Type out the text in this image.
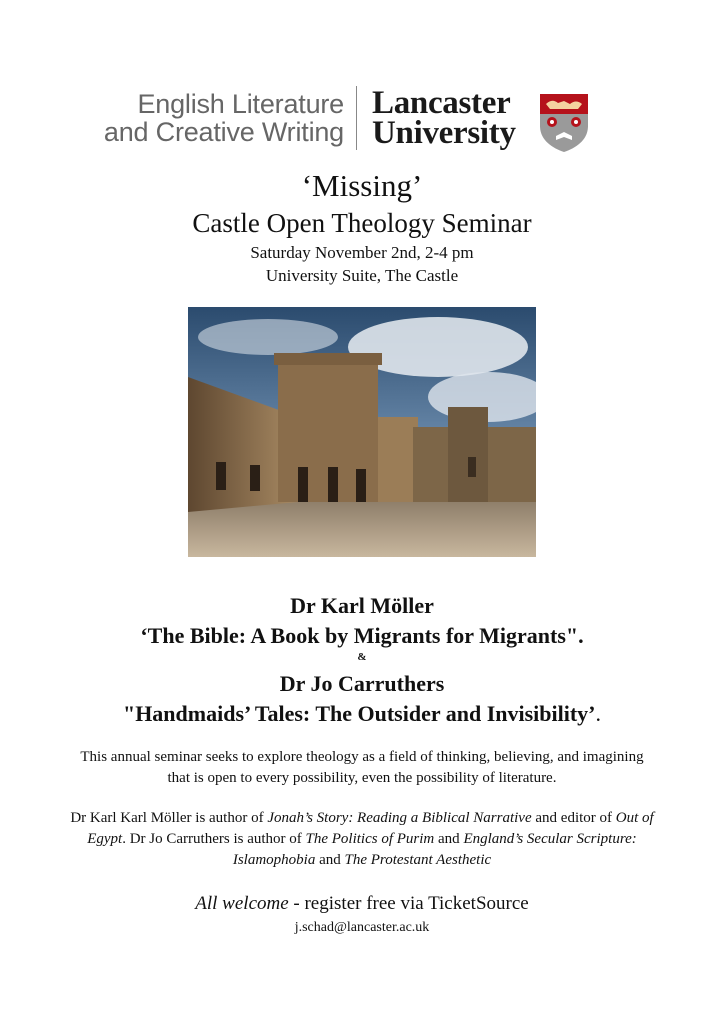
English Literature
and Creative Writing
Lancaster
University
‘Missing’
Castle Open Theology Seminar
Saturday November 2nd, 2-4 pm
University Suite, The Castle
Dr Karl Möller
‘The Bible: A Book by Migrants for Migrants".
&
Dr Jo Carruthers
"Handmaids’ Tales: The Outsider and Invisibility’.
This annual seminar seeks to explore theology as a field of thinking, believing, and imagining that is open to every possibility, even the possibility of literature.
Dr Karl Karl Möller is author of Jonah’s Story: Reading a Biblical Narrative and editor of Out of Egypt. Dr Jo Carruthers is author of The Politics of Purim and England’s Secular Scripture: Islamophobia and The Protestant Aesthetic
All welcome - register free via TicketSource
j.schad@lancaster.ac.uk
